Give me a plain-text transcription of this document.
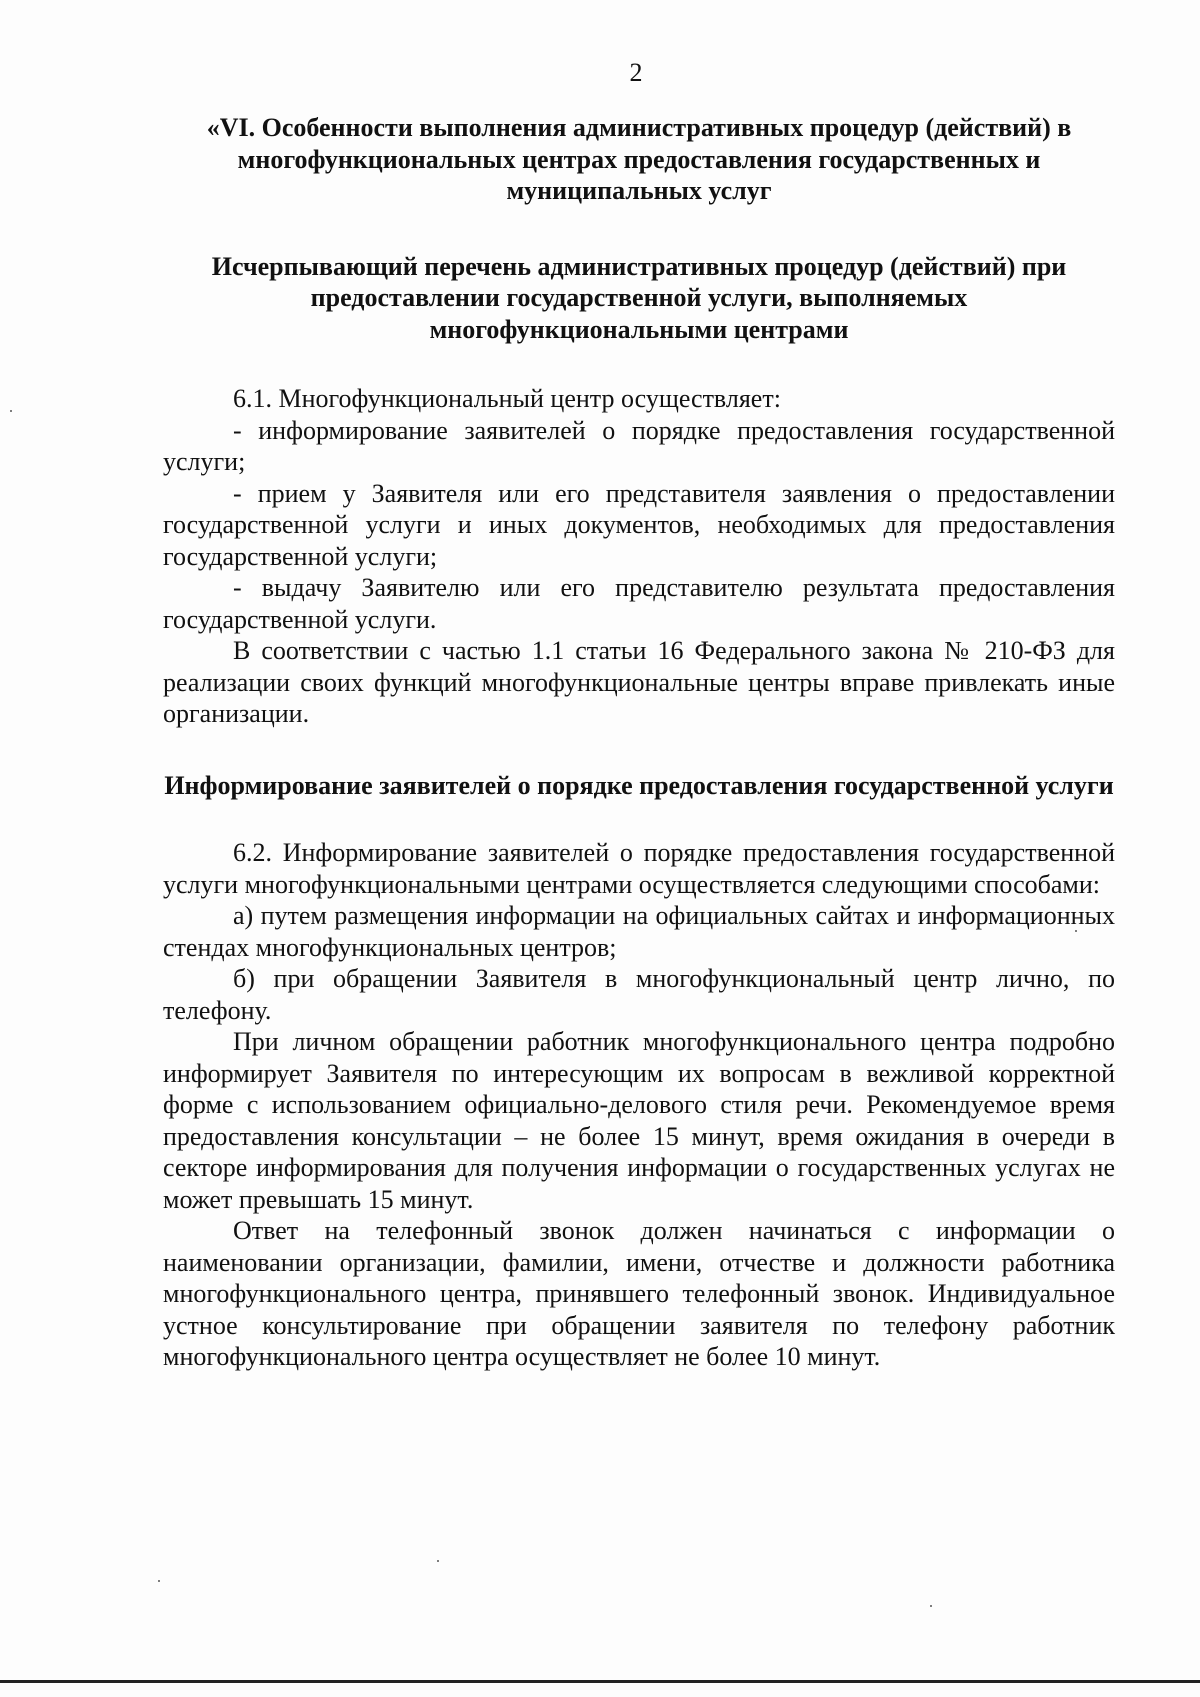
2

«VI. Особенности выполнения административных процедур (действий) в многофункциональных центрах предоставления государственных и муниципальных услуг

Исчерпывающий перечень административных процедур (действий) при предоставлении государственной услуги, выполняемых многофункциональными центрами

6.1. Многофункциональный центр осуществляет:

- информирование заявителей о порядке предоставления государственной услуги;

- прием у Заявителя или его представителя заявления о предоставлении государственной услуги и иных документов, необходимых для предоставления государственной услуги;

- выдачу Заявителю или его представителю результата предоставления государственной услуги.

В соответствии с частью 1.1 статьи 16 Федерального закона № 210-ФЗ для реализации своих функций многофункциональные центры вправе привлекать иные организации.

Информирование заявителей о порядке предоставления государственной услуги

6.2. Информирование заявителей о порядке предоставления государственной услуги многофункциональными центрами осуществляется следующими способами:

а) путем размещения информации на официальных сайтах и информационных стендах многофункциональных центров;

б) при обращении Заявителя в многофункциональный центр лично, по телефону.

При личном обращении работник многофункционального центра подробно информирует Заявителя по интересующим их вопросам в вежливой корректной форме с использованием официально-делового стиля речи. Рекомендуемое время предоставления консультации – не более 15 минут, время ожидания в очереди в секторе информирования для получения информации о государственных услугах не может превышать 15 минут.

Ответ на телефонный звонок должен начинаться с информации о наименовании организации, фамилии, имени, отчестве и должности работника многофункционального центра, принявшего телефонный звонок. Индивидуальное устное консультирование при обращении заявителя по телефону работник многофункционального центра осуществляет не более 10 минут.
